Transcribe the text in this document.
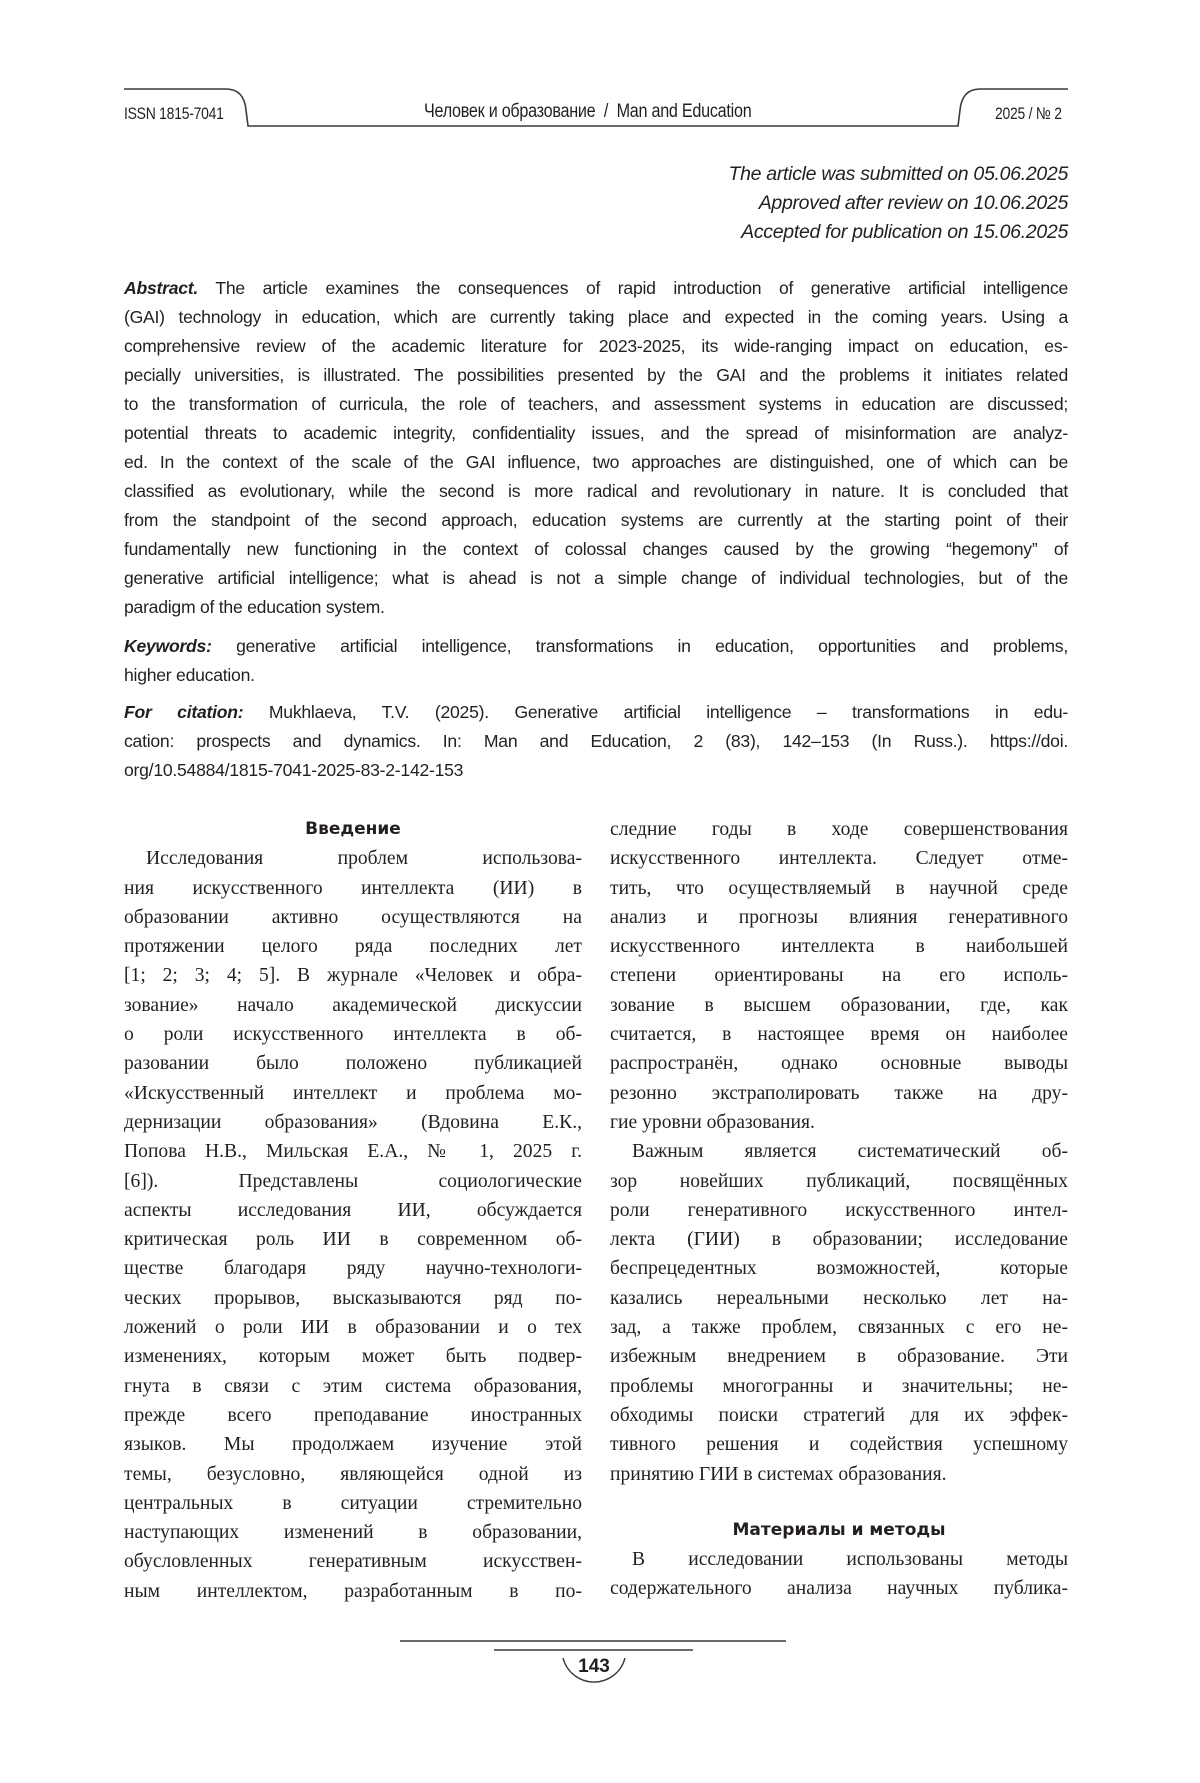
ISSN 1815-7041	Человек и образование / Man and Education	2025 / № 2
The article was submitted on 05.06.2025
Approved after review on 10.06.2025
Accepted for publication on 15.06.2025
Abstract. The article examines the consequences of rapid introduction of generative artificial intelligence
(GAI) technology in education, which are currently taking place and expected in the coming years. Using a
comprehensive review of the academic literature for 2023-2025, its wide-ranging impact on education, es-
pecially universities, is illustrated. The possibilities presented by the GAI and the problems it initiates related
to the transformation of curricula, the role of teachers, and assessment systems in education are discussed;
potential threats to academic integrity, confidentiality issues, and the spread of misinformation are analyz-
ed. In the context of the scale of the GAI influence, two approaches are distinguished, one of which can be
classified as evolutionary, while the second is more radical and revolutionary in nature. It is concluded that
from the standpoint of the second approach, education systems are currently at the starting point of their
fundamentally new functioning in the context of colossal changes caused by the growing “hegemony” of
generative artificial intelligence; what is ahead is not a simple change of individual technologies, but of the
paradigm of the education system.
Keywords: generative artificial intelligence, transformations in education, opportunities and problems,
higher education.
For citation: Mukhlaeva, T.V. (2025). Generative artificial intelligence – transformations in edu-
cation: prospects and dynamics. In: Man and Education, 2 (83), 142–153 (In Russ.). https://doi.
org/10.54884/1815-7041-2025-83-2-142-153
Введение
Исследования проблем использова-
ния искусственного интеллекта (ИИ) в
образовании активно осуществляются на
протяжении целого ряда последних лет
[1; 2; 3; 4; 5]. В журнале «Человек и обра-
зование» начало академической дискуссии
о роли искусственного интеллекта в об-
разовании было положено публикацией
«Искусственный интеллект и проблема мо-
дернизации образования» (Вдовина Е.К.,
Попова Н.В., Мильская Е.А., № 1, 2025 г.
[6]). Представлены социологические
аспекты исследования ИИ, обсуждается
критическая роль ИИ в современном об-
ществе благодаря ряду научно-технологи-
ческих прорывов, высказываются ряд по-
ложений о роли ИИ в образовании и о тех
изменениях, которым может быть подвер-
гнута в связи с этим система образования,
прежде всего преподавание иностранных
языков. Мы продолжаем изучение этой
темы, безусловно, являющейся одной из
центральных в ситуации стремительно
наступающих изменений в образовании,
обусловленных генеративным искусствен-
ным интеллектом, разработанным в по-
следние годы в ходе совершенствования
искусственного интеллекта. Следует отме-
тить, что осуществляемый в научной среде
анализ и прогнозы влияния генеративного
искусственного интеллекта в наибольшей
степени ориентированы на его исполь-
зование в высшем образовании, где, как
считается, в настоящее время он наиболее
распространён, однако основные выводы
резонно экстраполировать также на дру-
гие уровни образования.
Важным является систематический об-
зор новейших публикаций, посвящённых
роли генеративного искусственного интел-
лекта (ГИИ) в образовании; исследование
беспрецедентных возможностей, которые
казались нереальными несколько лет на-
зад, а также проблем, связанных с его не-
избежным внедрением в образование. Эти
проблемы многогранны и значительны; не-
обходимы поиски стратегий для их эффек-
тивного решения и содействия успешному
принятию ГИИ в системах образования.
Материалы и методы
В исследовании использованы методы
содержательного анализа научных публика-
143
